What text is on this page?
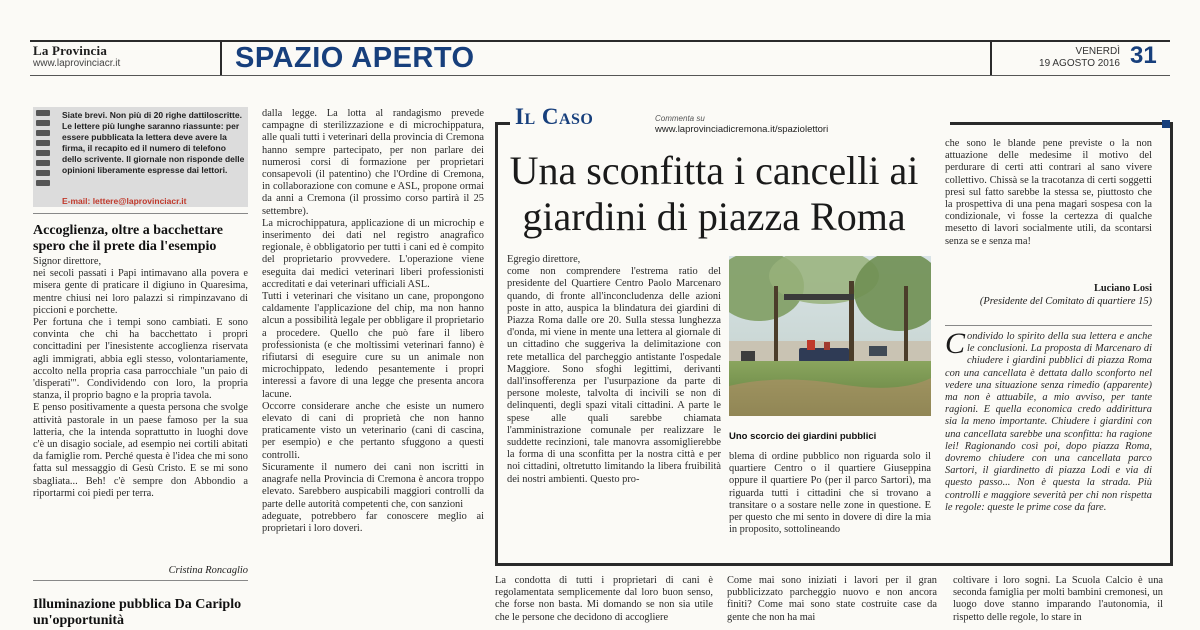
La Provincia
www.laprovinciacr.it	SPAZIO APERTO	VENERDÌ
19 AGOSTO 2016 31
Siate brevi. Non più di 20 righe dattiloscritte. Le lettere più lunghe saranno riassunte: per essere pubblicata la lettera deve avere la firma, il recapito ed il numero di telefono dello scrivente. Il giornale non risponde delle opinioni liberamente espresse dai lettori.
E-mail: lettere@laprovinciacr.it
Accoglienza, oltre a bacchettare spero che il prete dia l'esempio

Signor direttore,

nei secoli passati i Papi intimavano alla povera e misera gente di praticare il digiuno in Quaresima, mentre chiusi nei loro palazzi si rimpinzavano di piccioni e porchette.

Per fortuna che i tempi sono cambiati. E sono convinta che chi ha bacchettato i propri concittadini per l'inesistente accoglienza riservata agli immigrati, abbia egli stesso, volontariamente, accolto nella propria casa parrocchiale "un paio di 'disperati'". Condividendo con loro, la propria stanza, il proprio bagno e la propria tavola.

E penso positivamente a questa persona che svolge attività pastorale in un paese famoso per la sua latteria, che la intenda soprattutto in luoghi dove c'è un disagio sociale, ad esempio nei cortili abitati da famiglie rom. Perché questa è l'idea che mi sono fatta sul messaggio di Gesù Cristo. E se mi sono sbagliata... Beh! c'è sempre don Abbondio a riportarmi coi piedi per terra.

Cristina Roncaglio
Illuminazione pubblica Da Cariplo un'opportunità

dalla legge. La lotta al randagismo prevede campagne di sterilizzazione e di microchippatura, alle quali tutti i veterinari della provincia di Cremona hanno sempre partecipato, per non parlare dei numerosi corsi di formazione per proprietari consapevoli (il patentino) che l'Ordine di Cremona, in collaborazione con comune e ASL, propone ormai da anni a Cremona (il prossimo corso partirà il 25 settembre).

La microchippatura, applicazione di un microchip e inserimento dei dati nel registro anagrafico regionale, è obbligatorio per tutti i cani ed è compito del proprietario provvedere. L'operazione viene eseguita dai medici veterinari liberi professionisti accreditati e dai veterinari ufficiali ASL.

Tutti i veterinari che visitano un cane, propongono caldamente l'applicazione del chip, ma non hanno alcun a possibilità legale per obbligare il proprietario a procedere. Quello che può fare il libero professionista (e che moltissimi veterinari fanno) è rifiutarsi di eseguire cure su un animale non microchippato, ledendo pesantemente i propri interessi a favore di una legge che presenta ancora lacune.

Occorre considerare anche che esiste un numero elevato di cani di proprietà che non hanno praticamente visto un veterinario (cani di cascina, per esempio) e che pertanto sfuggono a questi controlli.

Sicuramente il numero dei cani non iscritti in anagrafe nella Provincia di Cremona è ancora troppo elevato. Sarebbero auspicabili maggiori controlli da parte delle autorità competenti che, con sanzioni

adeguate, potrebbero far conoscere meglio ai proprietari i loro doveri.

Il Caso	Commenta su
www.laprovinciadicremona.it/spaziolettori
Una sconfitta i cancelli ai giardini di piazza Roma

Egregio direttore,

come non comprendere l'estrema ratio del presidente del Quartiere Centro Paolo Marcenaro quando, di fronte all'inconcludenza delle azioni poste in atto, auspica la blindatura dei giardini di Piazza Roma dalle ore 20. Sulla stessa lunghezza d'onda, mi viene in mente una lettera al giornale di un cittadino che suggeriva la delimitazione con rete metallica del parcheggio antistante l'ospedale Maggiore. Sono sfoghi legittimi, derivanti dall'insofferenza per l'usurpazione da parte di persone moleste, talvolta di incivili se non di delinquenti, degli spazi vitali cittadini. A parte le spese alle quali sarebbe chiamata l'amministrazione comunale per realizzare le suddette recinzioni, tale manovra assomiglierebbe la forma di una sconfitta per la nostra città e per noi cittadini, oltretutto limitando la libera fruibilità dei nostri ambienti. Questo pro-

Uno scorcio dei giardini pubblici

blema di ordine pubblico non riguarda solo il quartiere Centro o il quartiere Giuseppina oppure il quartiere Po (per il parco Sartori), ma riguarda tutti i cittadini che si trovano a transitare o a sostare nelle zone in questione. E per questo che mi sento in dovere di dire la mia in proposito, sottolineando

che sono le blande pene previste o la non attuazione delle medesime il motivo del perdurare di certi atti contrari al sano vivere collettivo. Chissà se la tracotanza di certi soggetti presi sul fatto sarebbe la stessa se, piuttosto che la prospettiva di una pena magari sospesa con la condizionale, vi fosse la certezza di qualche mesetto di lavori socialmente utili, da scontarsi senza se e senza ma!

Luciano Losi
(Presidente del Comitato di quartiere 15)
Condivido lo spirito della sua lettera e anche le conclusioni. La proposta di Marcenaro di chiudere i giardini pubblici di piazza Roma con una cancellata è dettata dallo sconforto nel vedere una situazione senza rimedio (apparente) ma non è attuabile, a mio avviso, per tante ragioni. E quella economica credo addirittura sia la meno importante. Chiudere i giardini con una cancellata sarebbe una sconfitta: ha ragione lei! Ragionando così poi, dopo piazza Roma, dovremo chiudere con una cancellata parco Sartori, il giardinetto di piazza Lodi e via di questo passo... Non è questa la strada. Più controlli e maggiore severità per chi non rispetta le regole: queste le prime cose da fare.
La condotta di tutti i proprietari di cani è regolamentata semplicemente dal loro buon senso, che forse non basta. Mi domando se non sia utile che le persone che decidono di accogliere
Come mai sono iniziati i lavori per il gran pubblicizzato parcheggio nuovo e non ancora finiti? Come mai sono state costruite case da gente che non ha mai
coltivare i loro sogni. La Scuola Calcio è una seconda famiglia per molti bambini cremonesi, un luogo dove stanno imparando l'autonomia, il rispetto delle regole, lo stare in
